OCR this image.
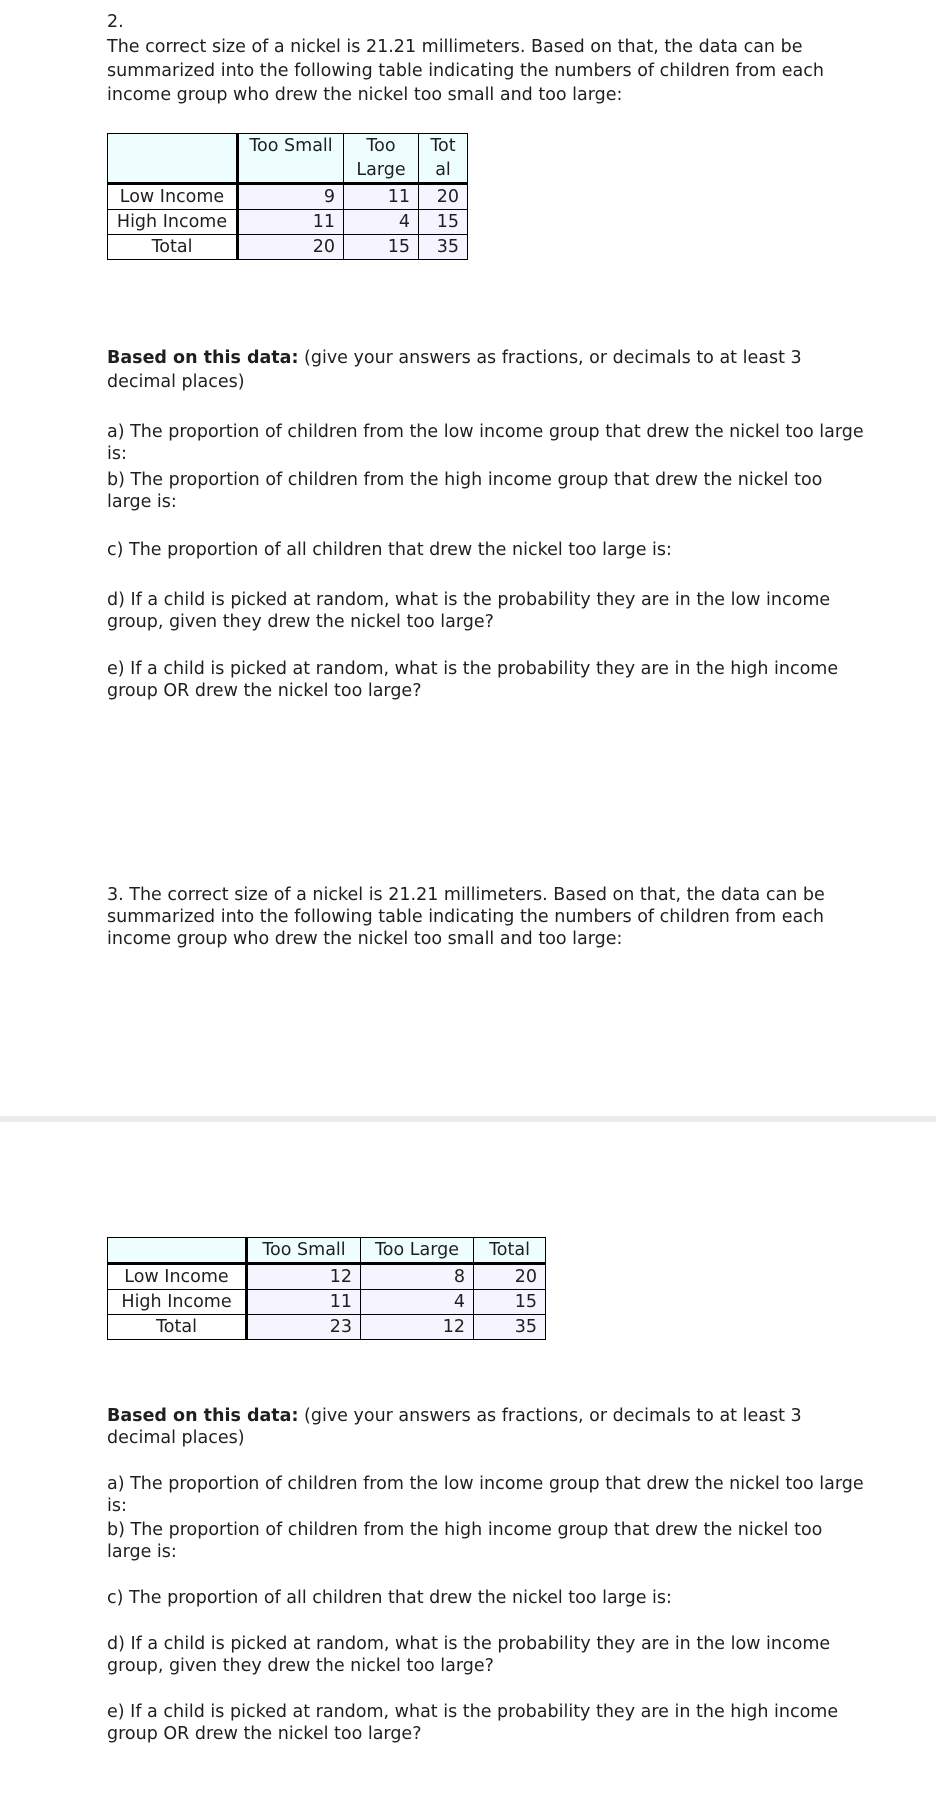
2.

The correct size of a nickel is 21.21 millimeters. Based on that, the data can be summarized into the following table indicating the numbers of children from each income group who drew the nickel too small and too large:

	Too Small	Too Large	Total
Low Income	9	11	20
High Income	11	4	15
Total	20	15	35

Based on this data: (give your answers as fractions, or decimals to at least 3 decimal places)

a) The proportion of children from the low income group that drew the nickel too large is:

b) The proportion of children from the high income group that drew the nickel too large is:

c) The proportion of all children that drew the nickel too large is:

d) If a child is picked at random, what is the probability they are in the low income group, given they drew the nickel too large?

e) If a child is picked at random, what is the probability they are in the high income group OR drew the nickel too large?

3. The correct size of a nickel is 21.21 millimeters. Based on that, the data can be summarized into the following table indicating the numbers of children from each income group who drew the nickel too small and too large:

	Too Small	Too Large	Total
Low Income	12	8	20
High Income	11	4	15
Total	23	12	35

Based on this data: (give your answers as fractions, or decimals to at least 3 decimal places)

a) The proportion of children from the low income group that drew the nickel too large is:

b) The proportion of children from the high income group that drew the nickel too large is:

c) The proportion of all children that drew the nickel too large is:

d) If a child is picked at random, what is the probability they are in the low income group, given they drew the nickel too large?

e) If a child is picked at random, what is the probability they are in the high income group OR drew the nickel too large?
